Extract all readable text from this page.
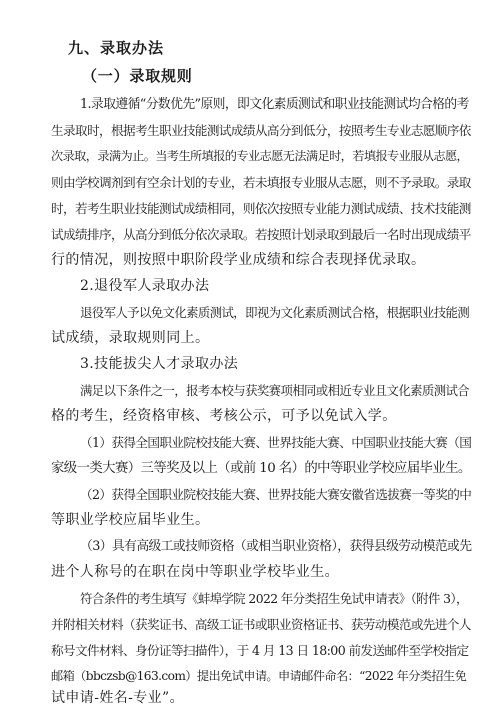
九、录取办法
（一）录取规则
1.录取遵循“分数优先”原则，即文化素质测试和职业技能测试均合格的考
生录取时，根据考生职业技能测试成绩从高分到低分，按照考生专业志愿顺序依
次录取，录满为止。当考生所填报的专业志愿无法满足时，若填报专业服从志愿，
则由学校调剂到有空余计划的专业，若未填报专业服从志愿，则不予录取。录取
时，若考生职业技能测试成绩相同，则依次按照专业能力测试成绩、技术技能测
试成绩排序，从高分到低分依次录取。若按照计划录取到最后一名时出现成绩平
行的情况，则按照中职阶段学业成绩和综合表现择优录取。
2.退役军人录取办法
退役军人予以免文化素质测试，即视为文化素质测试合格，根据职业技能测
试成绩，录取规则同上。
3.技能拔尖人才录取办法
满足以下条件之一，报考本校与获奖赛项相同或相近专业且文化素质测试合
格的考生，经资格审核、考核公示，可予以免试入学。
（1）获得全国职业院校技能大赛、世界技能大赛、中国职业技能大赛（国
家级一类大赛）三等奖及以上（或前 10 名）的中等职业学校应届毕业生。
（2）获得全国职业院校技能大赛、世界技能大赛安徽省选拔赛一等奖的中
等职业学校应届毕业生。
（3）具有高级工或技师资格（或相当职业资格），获得县级劳动模范或先
进个人称号的在职在岗中等职业学校毕业生。
符合条件的考生填写《蚌埠学院 2022 年分类招生免试申请表》（附件 3），
并附相关材料（获奖证书、高级工证书或职业资格证书、获劳动模范或先进个人
称号文件材料、身份证等扫描件），于 4 月 13 日 18:00 前发送邮件至学校指定
邮箱（bbczsb@163.com）提出免试申请。申请邮件命名：“2022 年分类招生免
试申请-姓名-专业”。
